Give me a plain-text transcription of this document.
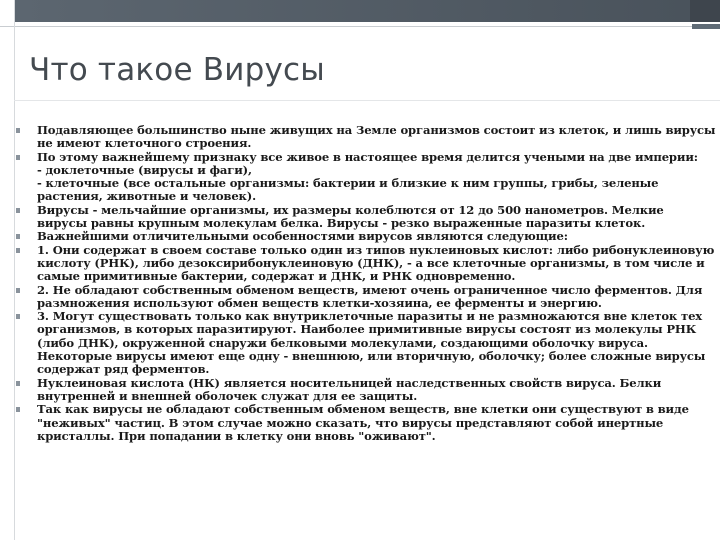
Что такое Вирусы
Подавляющее большинство ныне живущих на Земле организмов состоит из клеток, и лишь вирусы не имеют клеточного строения.
По этому важнейшему признаку все живое в настоящее время делится учеными на две империи:
- доклеточные (вирусы и фаги),
- клеточные (все остальные организмы: бактерии и близкие к ним группы, грибы, зеленые растения, животные и человек).
Вирусы - мельчайшие организмы, их размеры колеблются от 12 до 500 нанометров. Мелкие вирусы равны крупным молекулам белка. Вирусы - резко выраженные паразиты клеток.
Важнейшими отличительными особенностями вирусов являются следующие:
1. Они содержат в своем составе только один из типов нуклеиновых кислот: либо рибонуклеиновую кислоту (РНК), либо дезоксирибонуклеиновую (ДНК), - а все клеточные организмы, в том числе и самые примитивные бактерии, содержат и ДНК, и РНК одновременно.
2. Не обладают собственным обменом веществ, имеют очень ограниченное число ферментов. Для размножения используют обмен веществ клетки-хозяина, ее ферменты и энергию.
3. Могут существовать только как внутриклеточные паразиты и не размножаются вне клеток тех организмов, в которых паразитируют. Наиболее примитивные вирусы состоят из молекулы РНК (либо ДНК), окруженной снаружи белковыми молекулами, создающими оболочку вируса. Некоторые вирусы имеют еще одну - внешнюю, или вторичную, оболочку; более сложные вирусы содержат ряд ферментов.
Нуклеиновая кислота (НК) является носительницей наследственных свойств вируса. Белки внутренней и внешней оболочек служат для ее защиты.
Так как вирусы не обладают собственным обменом веществ, вне клетки они существуют в виде "неживых" частиц. В этом случае можно сказать, что вирусы представляют собой инертные кристаллы. При попадании в клетку они вновь "оживают".
